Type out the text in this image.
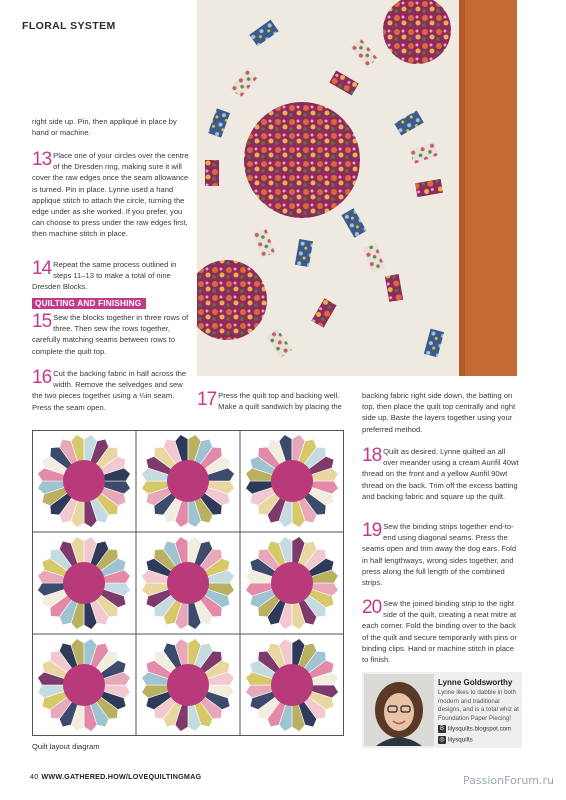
FLORAL SYSTEM

right side up. Pin, then appliqué in place by hand or machine.

13 Place one of your circles over the centre of the Dresden ring, making sure it will cover the raw edges once the seam allowance is turned. Pin in place. Lynne used a hand appliqué stitch to attach the circle, turning the edge under as she worked. If you prefer, you can choose to press under the raw edges first, then machine stitch in place.

14 Repeat the same process outlined in steps 11–13 to make a total of nine Dresden Blocks.

QUILTING AND FINISHING
15 Sew the blocks together in three rows of three. Then sew the rows together, carefully matching seams between rows to complete the quilt top.

16 Cut the backing fabric in half across the width. Remove the selvedges and sew the two pieces together using a ¼in seam. Press the seam open.	17 Press the quilt top and backing well. Make a quilt sandwich by placing the

backing fabric right side down, the batting on top, then place the quilt top centrally and right side up. Baste the layers together using your preferred method.

18 Quilt as desired. Lynne quilted an all over meander using a cream Aurifil 40wt thread on the front and a yellow Aurifil 90wt thread on the back. Trim off the excess batting and backing fabric and square up the quilt.

19 Sew the binding strips together end-to-end using diagonal seams. Press the seams open and trim away the dog ears. Fold in half lengthways, wrong sides together, and press along the full length of the combined strips.

20 Sew the joined binding strip to the right side of the quilt, creating a neat mitre at each corner. Fold the binding over to the back of the quilt and secure temporarily with pins or binding clips. Hand or machine stitch in place to finish.

Quilt layout diagram
Lynne Goldsworthy
Lynne likes to dabble in both modern and traditional designs, and is a total whiz at Foundation Paper Piecing!
B lilysquilts.blogspot.com
◎ lilysquilts
40 WWW.GATHERED.HOW/LOVEQUILTINGMAG	PassionForum.ru
